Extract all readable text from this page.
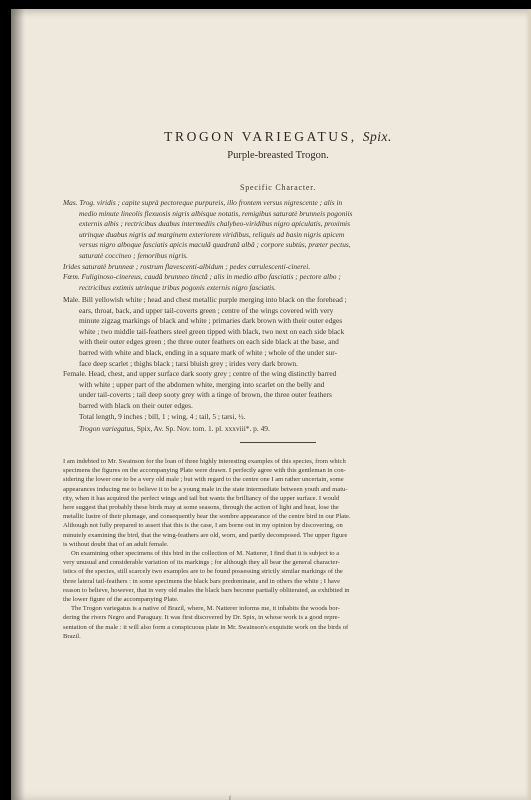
TROGON VARIEGATUS, Spix.
Purple-breasted Trogon.
Specific Character.
Mas. Trog. viridis ; capite suprà pectoreque purpureis, illo frontem versus nigrescente ; alis in
medio minute lineolis flexuosis nigris albisque notatis, remigibus saturatè brunneis pogoniis
externis albis ; rectricibus duabus intermediis chalybeo-viridibus nigro apiculatis, proximis
utrinque duabus nigris ad marginem exteriorem viridibus, reliquis ad basin nigris apicem
versus nigro alboque fasciatis apicis maculâ quadratâ albâ ; corpore subtùs, præter pectus,
saturatè coccineo ; femoribus nigris.
Irides saturatè brunneæ ; rostrum flavescenti-albidum ; pedes cœrulescenti-cinerei.
Fœm. Fuliginoso-cinereus, caudâ brunneo tinctâ ; alis in medio albo fasciatis ; pectore albo ;
rectricibus extimis utrinque tribus pogonis externis nigro fasciatis.
Male. Bill yellowish white ; head and chest metallic purple merging into black on the forehead ;
ears, throat, back, and upper tail-coverts green ; centre of the wings covered with very
minute zigzag markings of black and white ; primaries dark brown with their outer edges
white ; two middle tail-feathers steel green tipped with black, two next on each side black
with their outer edges green ; the three outer feathers on each side black at the base, and
barred with white and black, ending in a square mark of white ; whole of the under sur-
face deep scarlet ; thighs black ; tarsi bluish grey ; irides very dark brown.
Female. Head, chest, and upper surface dark sooty grey ; centre of the wing distinctly barred
with white ; upper part of the abdomen white, merging into scarlet on the belly and
under tail-coverts ; tail deep sooty grey with a tinge of brown, the three outer feathers
barred with black on their outer edges.
Total length, 9 inches ; bill, 1 ; wing, 4 ; tail, 5 ; tarsi, ½.
Trogon variegatus, Spix, Av. Sp. Nov. tom. 1. pl. xxxviii*. p. 49.
I am indebted to Mr. Swainson for the loan of three highly interesting examples of this species, from which
specimens the figures on the accompanying Plate were drawn. I perfectly agree with this gentleman in con-
sidering the lower one to be a very old male ; but with regard to the centre one I am rather uncertain, some
appearances inducing me to believe it to be a young male in the state intermediate between youth and matu-
rity, when it has acquired the perfect wings and tail but wants the brilliancy of the upper surface. I would
here suggest that probably these birds may at some seasons, through the action of light and heat, lose the
metallic lustre of their plumage, and consequently bear the sombre appearance of the centre bird in our Plate.
Although not fully prepared to assert that this is the case, I am borne out in my opinion by discovering, on
minutely examining the bird, that the wing-feathers are old, worn, and partly decomposed. The upper figure
is without doubt that of an adult female.
On examining other specimens of this bird in the collection of M. Natterer, I find that it is subject to a
very unusual and considerable variation of its markings ; for although they all bear the general character-
istics of the species, still scarcely two examples are to be found possessing strictly similar markings of the
three lateral tail-feathers : in some specimens the black bars predominate, and in others the white ; I have
reason to believe, however, that in very old males the black bars become partially obliterated, as exhibited in
the lower figure of the accompanying Plate.
The Trogon variegatus is a native of Brazil, where, M. Natterer informs me, it inhabits the woods bor-
dering the rivers Negro and Paraguay. It was first discovered by Dr. Spix, in whose work is a good repre-
sentation of the male : it will also form a conspicuous plate in Mr. Swainson's exquisite work on the birds of
Brazil.
f
